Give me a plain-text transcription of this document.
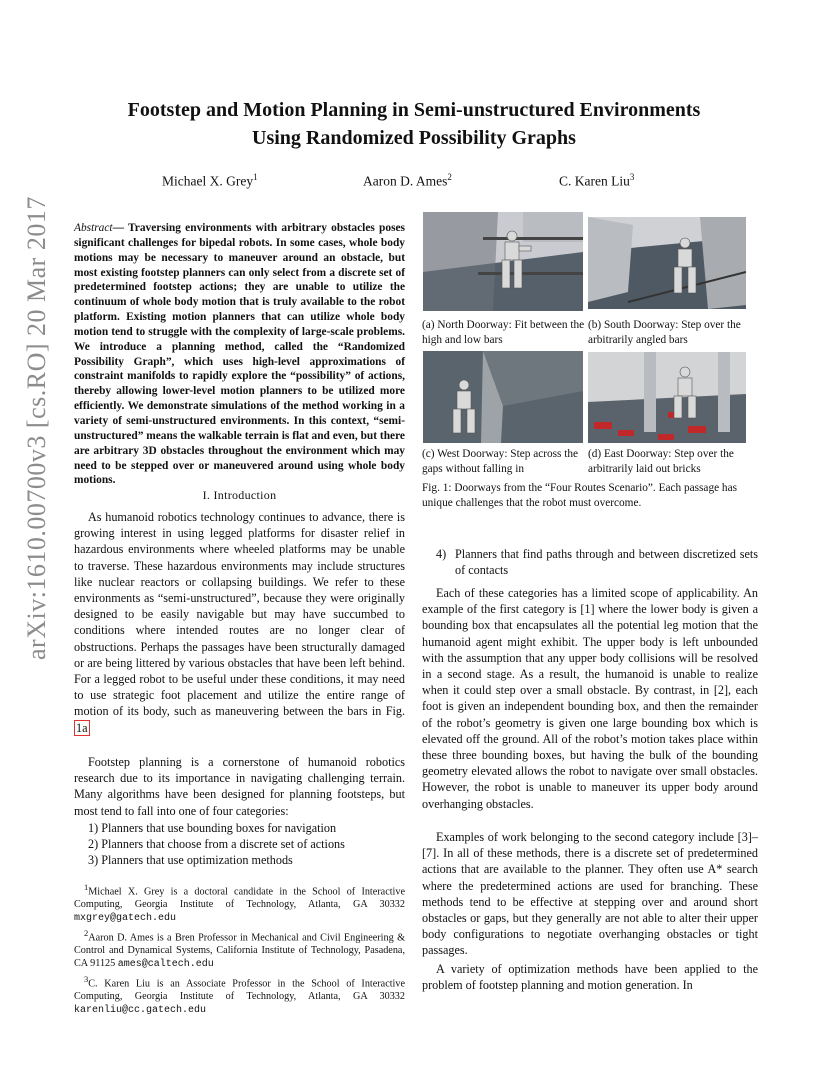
Footstep and Motion Planning in Semi-unstructured Environments
Using Randomized Possibility Graphs
Michael X. Grey$^1$	Aaron D. Ames$^2$	C. Karen Liu$^3$
arXiv:1610.00700v3 [cs.RO] 20 Mar 2017 Abstract— Traversing environments with arbitrary obstacles poses significant challenges for bipedal robots. In some cases, whole body motions may be necessary to maneuver around an obstacle, but most existing footstep planners can only select from a discrete set of predetermined footstep actions; they are unable to utilize the continuum of whole body motion that is truly available to the robot platform. Existing motion planners that can utilize whole body motion tend to struggle with the complexity of large-scale problems. We introduce a planning method, called the “Randomized Possibility Graph”, which uses high-level approximations of constraint manifolds to rapidly explore the “possibility” of actions, thereby allowing lower-level motion planners to be utilized more efficiently. We demonstrate simulations of the method working in a variety of semi-unstructured environments. In this context, “semi-unstructured” means the walkable terrain is flat and even, but there are arbitrary 3D obstacles throughout the environment which may need to be stepped over or maneuvered around using whole body motions.
I. Introduction
As humanoid robotics technology continues to advance, there is growing interest in using legged platforms for disaster relief in hazardous environments where wheeled platforms may be unable to traverse. These hazardous environments may include structures like nuclear reactors or collapsing buildings. We refer to these environments as “semi-unstructured”, because they were originally designed to be easily navigable but may have succumbed to conditions where intended routes are no longer clear of obstructions. Perhaps the passages have been structurally damaged or are being littered by various obstacles that have been left behind. For a legged robot to be useful under these conditions, it may need to use strategic foot placement and utilize the entire range of motion of its body, such as maneuvering between the bars in Fig. 1a
Footstep planning is a cornerstone of humanoid robotics research due to its importance in navigating challenging terrain. Many algorithms have been designed for planning footsteps, but most tend to fall into one of four categories:
1) Planners that use bounding boxes for navigation
2) Planners that choose from a discrete set of actions
3) Planners that use optimization methods

$^1$Michael X. Grey is a doctoral candidate in the School of Interactive Computing, Georgia Institute of Technology, Atlanta, GA 30332 mxgrey@gatech.edu

$^2$Aaron D. Ames is a Bren Professor in Mechanical and Civil Engineering & Control and Dynamical Systems, California Institute of Technology, Pasadena, CA 91125 ames@caltech.edu

$^3$C. Karen Liu is an Associate Professor in the School of Interactive Computing, Georgia Institute of Technology, Atlanta, GA 30332 karenliu@cc.gatech.edu

(a) North Doorway: Fit between the high and low bars
(b) South Doorway: Step over the arbitrarily angled bars
(c) West Doorway: Step across the gaps without falling in
(d) East Doorway: Step over the arbitrarily laid out bricks
Fig. 1: Doorways from the “Four Routes Scenario”. Each passage has unique challenges that the robot must overcome.
4) Planners that find paths through and between discretized sets of contacts
Each of these categories has a limited scope of applicability. An example of the first category is [1] where the lower body is given a bounding box that encapsulates all the potential leg motion that the humanoid agent might exhibit. The upper body is left unbounded with the assumption that any upper body collisions will be resolved in a second stage. As a result, the humanoid is unable to realize when it could step over a small obstacle. By contrast, in [2], each foot is given an independent bounding box, and then the remainder of the robot’s geometry is given one large bounding box which is elevated off the ground. All of the robot’s motion takes place within these three bounding boxes, but having the bulk of the bounding geometry elevated allows the robot to navigate over small obstacles. However, the robot is unable to maneuver its upper body around overhanging obstacles.
Examples of work belonging to the second category include [3]–[7]. In all of these methods, there is a discrete set of predetermined actions that are available to the planner. They often use A* search where the predetermined actions are used for branching. These methods tend to be effective at stepping over and around short obstacles or gaps, but they generally are not able to alter their upper body configurations to negotiate overhanging obstacles or tight passages.
A variety of optimization methods have been applied to the problem of footstep planning and motion generation. In
